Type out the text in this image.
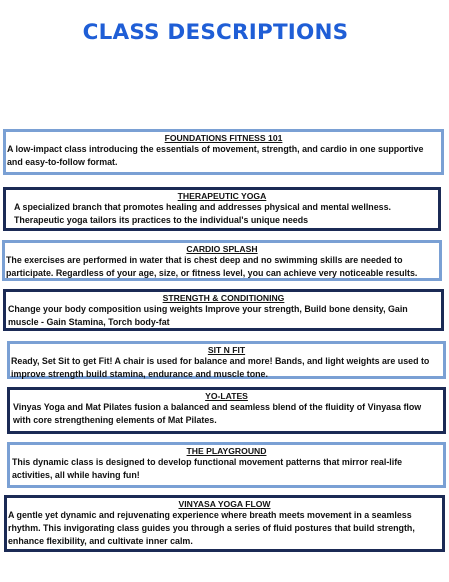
CLASS DESCRIPTIONS
FOUNDATIONS FITNESS 101
A low-impact class introducing the essentials of movement, strength, and cardio in one supportive and easy-to-follow format.
THERAPEUTIC YOGA
A specialized branch that promotes healing and addresses physical and mental wellness. Therapeutic yoga tailors its practices to the individual's unique needs
CARDIO SPLASH
The exercises are performed in water that is chest deep and no swimming skills are needed to participate. Regardless of your age, size, or fitness level, you can achieve very noticeable results.
STRENGTH & CONDITIONING
Change your body composition using weights Improve your strength, Build bone density, Gain muscle - Gain Stamina, Torch body-fat
SIT N FIT
Ready, Set Sit to get Fit! A chair is used for balance and more! Bands, and light weights are used to improve strength build stamina, endurance and muscle tone.
YO-LATES
Vinyas Yoga and Mat Pilates fusion a balanced and seamless blend of the fluidity of Vinyasa flow with core strengthening elements of Mat Pilates.
THE PLAYGROUND
This dynamic class is designed to develop functional movement patterns that mirror real-life activities, all while having fun!
VINYASA YOGA FLOW
A gentle yet dynamic and rejuvenating experience where breath meets movement in a seamless rhythm. This invigorating class guides you through a series of fluid postures that build strength, enhance flexibility, and cultivate inner calm.
